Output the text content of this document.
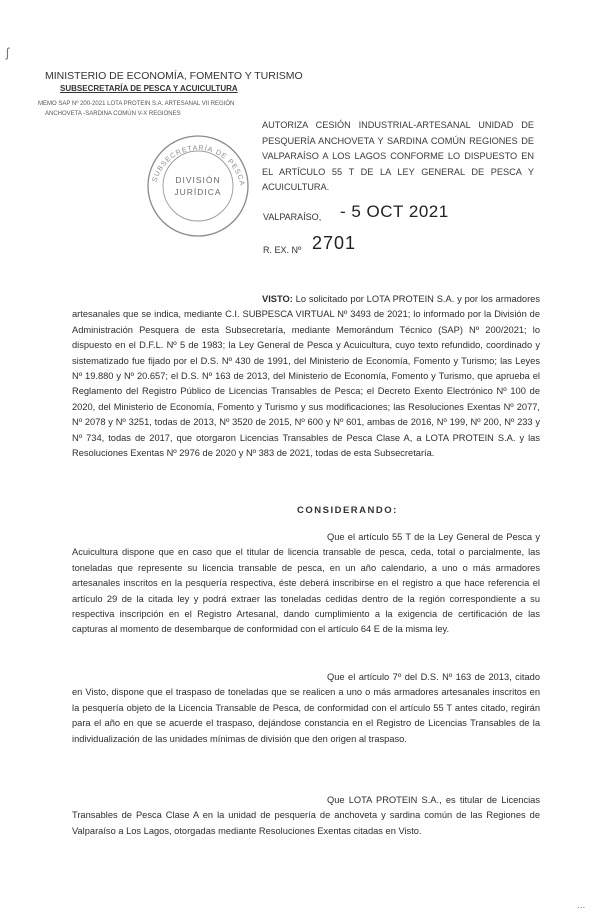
ʃ
MINISTERIO DE ECONOMÍA, FOMENTO Y TURISMO
SUBSECRETARÍA DE PESCA Y ACUICULTURA
MEMO SAP Nº 200-2021 LOTA PROTEIN S.A. ARTESANAL VII REGIÓN
ANCHOVETA -SARDINA COMÚN V-X REGIONES
AUTORIZA CESIÓN INDUSTRIAL-ARTESANAL UNIDAD DE PESQUERÍA ANCHOVETA Y SARDINA COMÚN REGIONES DE VALPARAÍSO A LOS LAGOS CONFORME LO DISPUESTO EN EL ARTÍCULO 55 T DE LA LEY GENERAL DE PESCA Y ACUICULTURA.
SUBSECRETARÍA DE PESCA
DIVISIÓN
JURÍDICA
VALPARAÍSO, - 5 OCT 2021
R. EX. Nº 2701
VISTO: Lo solicitado por LOTA PROTEIN S.A. y por los armadores artesanales que se indica, mediante C.I. SUBPESCA VIRTUAL Nº 3493 de 2021; lo informado por la División de Administración Pesquera de esta Subsecretaría, mediante Memorándum Técnico (SAP) Nº 200/2021; lo dispuesto en el D.F.L. Nº 5 de 1983; la Ley General de Pesca y Acuicultura, cuyo texto refundido, coordinado y sistematizado fue fijado por el D.S. Nº 430 de 1991, del Ministerio de Economía, Fomento y Turismo; las Leyes Nº 19.880 y Nº 20.657; el D.S. Nº 163 de 2013, del Ministerio de Economía, Fomento y Turismo, que aprueba el Reglamento del Registro Público de Licencias Transables de Pesca; el Decreto Exento Electrónico Nº 100 de 2020, del Ministerio de Economía, Fomento y Turismo y sus modificaciones; las Resoluciones Exentas Nº 2077, Nº 2078 y Nº 3251, todas de 2013, Nº 3520 de 2015, Nº 600 y Nº 601, ambas de 2016, Nº 199, Nº 200, Nº 233 y Nº 734, todas de 2017, que otorgaron Licencias Transables de Pesca Clase A, a LOTA PROTEIN S.A. y las Resoluciones Exentas Nº 2976 de 2020 y Nº 383 de 2021, todas de esta Subsecretaría.
CONSIDERANDO:
Que el artículo 55 T de la Ley General de Pesca y Acuicultura dispone que en caso que el titular de licencia transable de pesca, ceda, total o parcialmente, las toneladas que represente su licencia transable de pesca, en un año calendario, a uno o más armadores artesanales inscritos en la pesquería respectiva, éste deberá inscribirse en el registro a que hace referencia el artículo 29 de la citada ley y podrá extraer las toneladas cedidas dentro de la región correspondiente a su respectiva inscripción en el Registro Artesanal, dando cumplimiento a la exigencia de certificación de las capturas al momento de desembarque de conformidad con el artículo 64 E de la misma ley.
Que el artículo 7º del D.S. Nº 163 de 2013, citado en Visto, dispone que el traspaso de toneladas que se realicen a uno o más armadores artesanales inscritos en la pesquería objeto de la Licencia Transable de Pesca, de conformidad con el artículo 55 T antes citado, regirán para el año en que se acuerde el traspaso, dejándose constancia en el Registro de Licencias Transables de la individualización de las unidades mínimas de división que den origen al traspaso.
Que LOTA PROTEIN S.A., es titular de Licencias Transables de Pesca Clase A en la unidad de pesquería de anchoveta y sardina común de las Regiones de Valparaíso a Los Lagos, otorgadas mediante Resoluciones Exentas citadas en Visto.
...
